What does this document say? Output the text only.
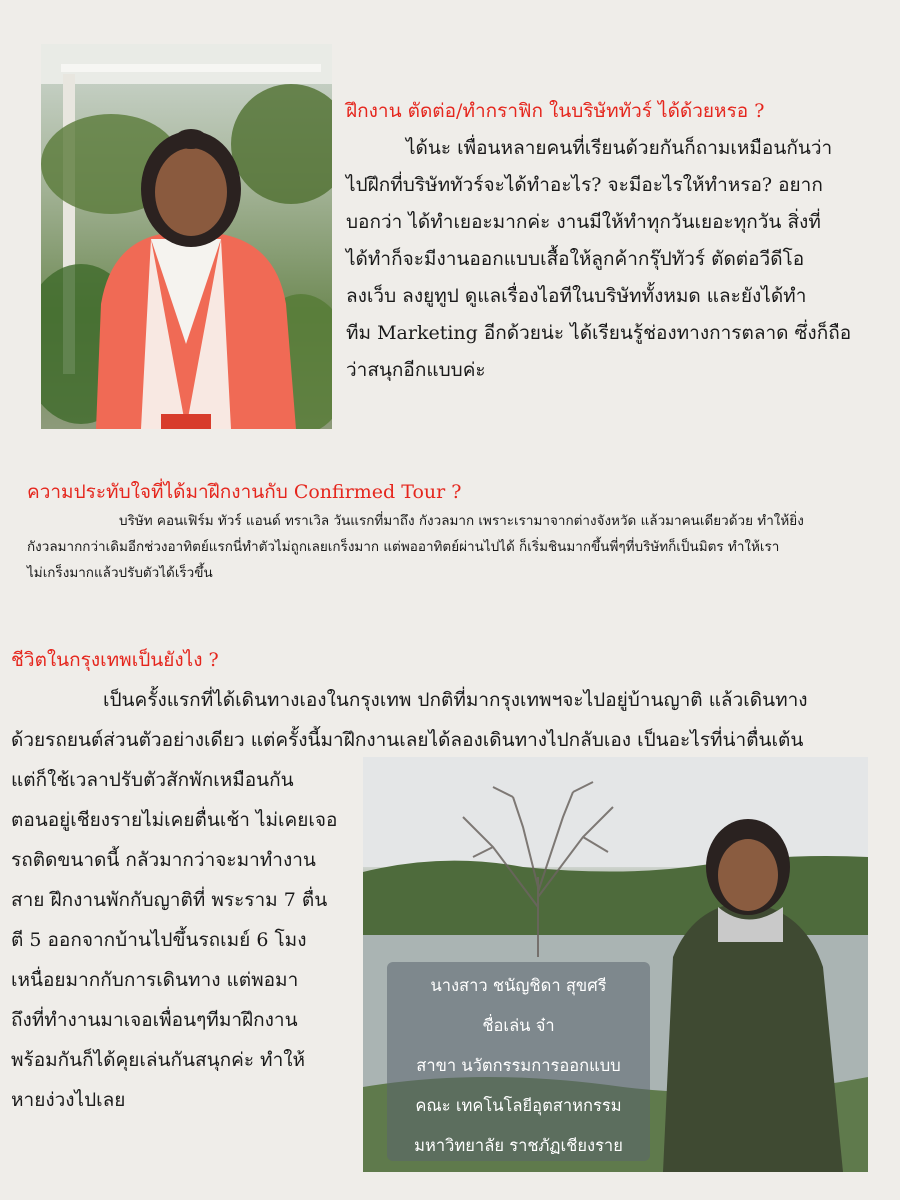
ฝึกงาน ตัดต่อ/ทำกราฟิก ในบริษัททัวร์ ได้ด้วยหรอ ?
ได้นะ เพื่อนหลายคนที่เรียนด้วยกันก็ถามเหมือนกันว่า
ไปฝึกที่บริษัททัวร์จะได้ทำอะไร? จะมีอะไรให้ทำหรอ? อยาก
บอกว่า ได้ทำเยอะมากค่ะ งานมีให้ทำทุกวันเยอะทุกวัน สิ่งที่
ได้ทำก็จะมีงานออกแบบเสื้อให้ลูกค้ากรุ๊ปทัวร์ ตัดต่อวีดีโอ
ลงเว็บ ลงยูทูป ดูแลเรื่องไอทีในบริษัททั้งหมด และยังได้ทำ
ทีม Marketing อีกด้วยน่ะ ได้เรียนรู้ช่องทางการตลาด ซึ่งก็ถือ
ว่าสนุกอีกแบบค่ะ
ความประทับใจที่ได้มาฝึกงานกับ Confirmed Tour ?
บริษัท คอนเฟิร์ม ทัวร์ แอนด์ ทราเวิล วันแรกที่มาถึง กังวลมาก เพราะเรามาจากต่างจังหวัด แล้วมาคนเดียวด้วย ทำให้ยิ่ง
กังวลมากกว่าเดิมอีกช่วงอาทิตย์แรกนี่ทำตัวไม่ถูกเลยเกร็งมาก แต่พออาทิตย์ผ่านไปได้ ก็เริ่มชินมากขึ้นพี่ๆที่บริษัทก็เป็นมิตร ทำให้เรา
ไม่เกร็งมากแล้วปรับตัวได้เร็วขึ้น
ชีวิตในกรุงเทพเป็นยังไง ?
เป็นครั้งแรกที่ได้เดินทางเองในกรุงเทพ ปกติที่มากรุงเทพฯจะไปอยู่บ้านญาติ แล้วเดินทาง
ด้วยรถยนต์ส่วนตัวอย่างเดียว แต่ครั้งนี้มาฝึกงานเลยได้ลองเดินทางไปกลับเอง เป็นอะไรที่น่าตื่นเต้น
แต่ก็ใช้เวลาปรับตัวสักพักเหมือนกัน
ตอนอยู่เชียงรายไม่เคยตื่นเช้า ไม่เคยเจอ
รถติดขนาดนี้ กลัวมากว่าจะมาทำงาน
สาย ฝึกงานพักกับญาติที่ พระราม 7 ตื่น
ตี 5 ออกจากบ้านไปขึ้นรถเมย์ 6 โมง
เหนื่อยมากกับการเดินทาง แต่พอมา
ถึงที่ทำงานมาเจอเพื่อนๆทีมาฝึกงาน
พร้อมกันก็ได้คุยเล่นกันสนุกค่ะ ทำให้
หายง่วงไปเลย
นางสาว ชนัญชิดา สุขศรี
ชื่อเล่น จ๋า
สาขา นวัตกรรมการออกแบบ
คณะ เทคโนโลยีอุตสาหกรรม
มหาวิทยาลัย ราชภัฏเชียงราย
